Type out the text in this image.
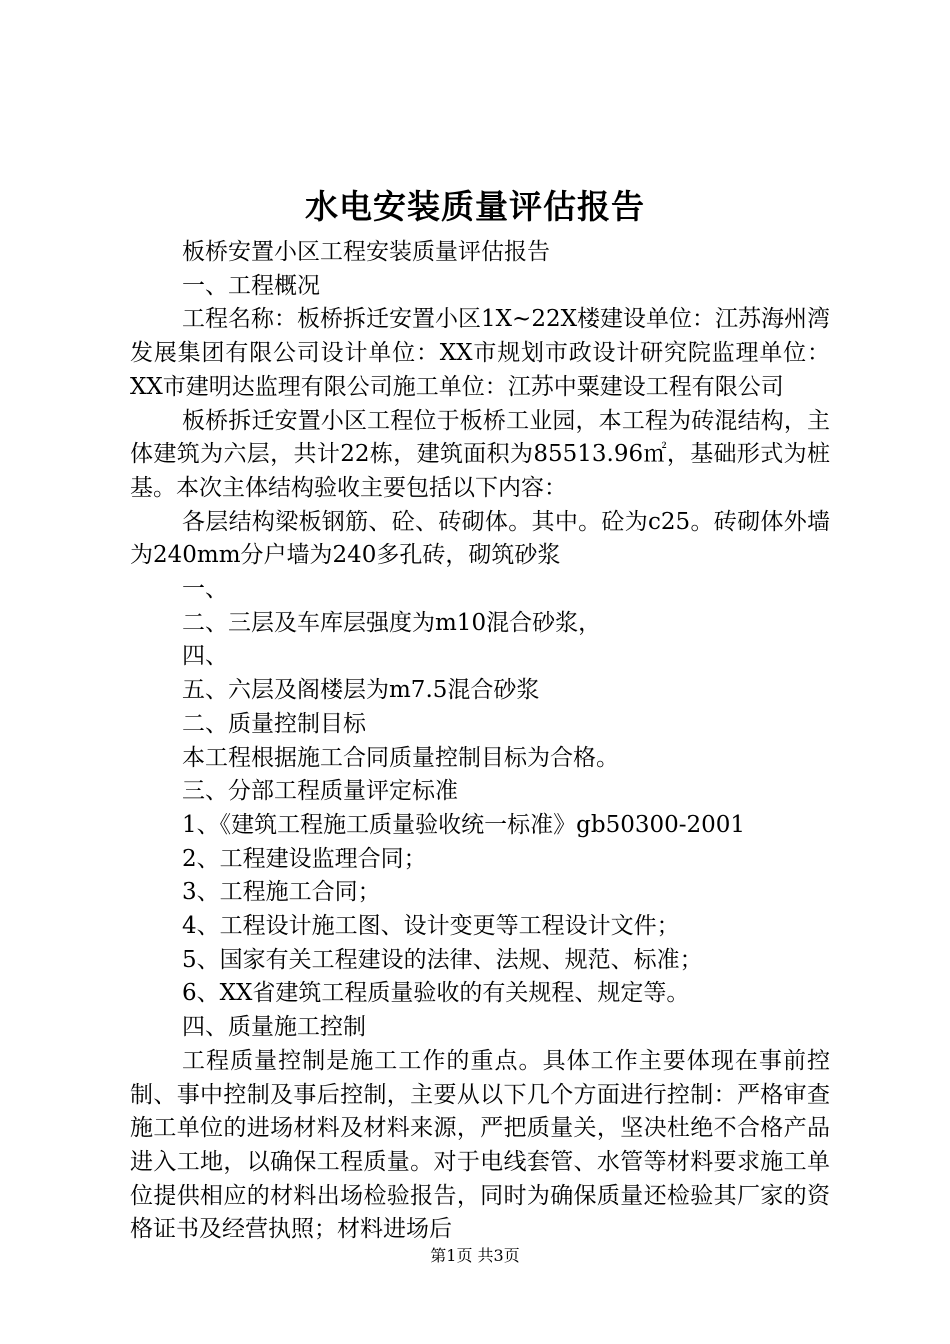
水电安装质量评估报告

板桥安置小区工程安装质量评估报告

一、工程概况

工程名称：板桥拆迁安置小区1X~22X楼建设单位：江苏海州湾发展集团有限公司设计单位：XX市规划市政设计研究院监理单位：XX市建明达监理有限公司施工单位：江苏中粟建设工程有限公司

板桥拆迁安置小区工程位于板桥工业园，本工程为砖混结构，主体建筑为六层，共计22栋，建筑面积为85513.96㎡，基础形式为桩基。本次主体结构验收主要包括以下内容：

各层结构梁板钢筋、砼、砖砌体。其中。砼为c25。砖砌体外墙为240mm分户墙为240多孔砖，砌筑砂浆

一、

二、三层及车库层强度为m10混合砂浆，

四、

五、六层及阁楼层为m7.5混合砂浆

二、质量控制目标

本工程根据施工合同质量控制目标为合格。

三、分部工程质量评定标准

1、《建筑工程施工质量验收统一标准》gb50300-2001

2、工程建设监理合同；

3、工程施工合同；

4、工程设计施工图、设计变更等工程设计文件；

5、国家有关工程建设的法律、法规、规范、标准；

6、XX省建筑工程质量验收的有关规程、规定等。

四、质量施工控制

工程质量控制是施工工作的重点。具体工作主要体现在事前控制、事中控制及事后控制，主要从以下几个方面进行控制：严格审查施工单位的进场材料及材料来源，严把质量关，坚决杜绝不合格产品进入工地，以确保工程质量。对于电线套管、水管等材料要求施工单位提供相应的材料出场检验报告，同时为确保质量还检验其厂家的资格证书及经营执照；材料进场后

第1页 共3页
